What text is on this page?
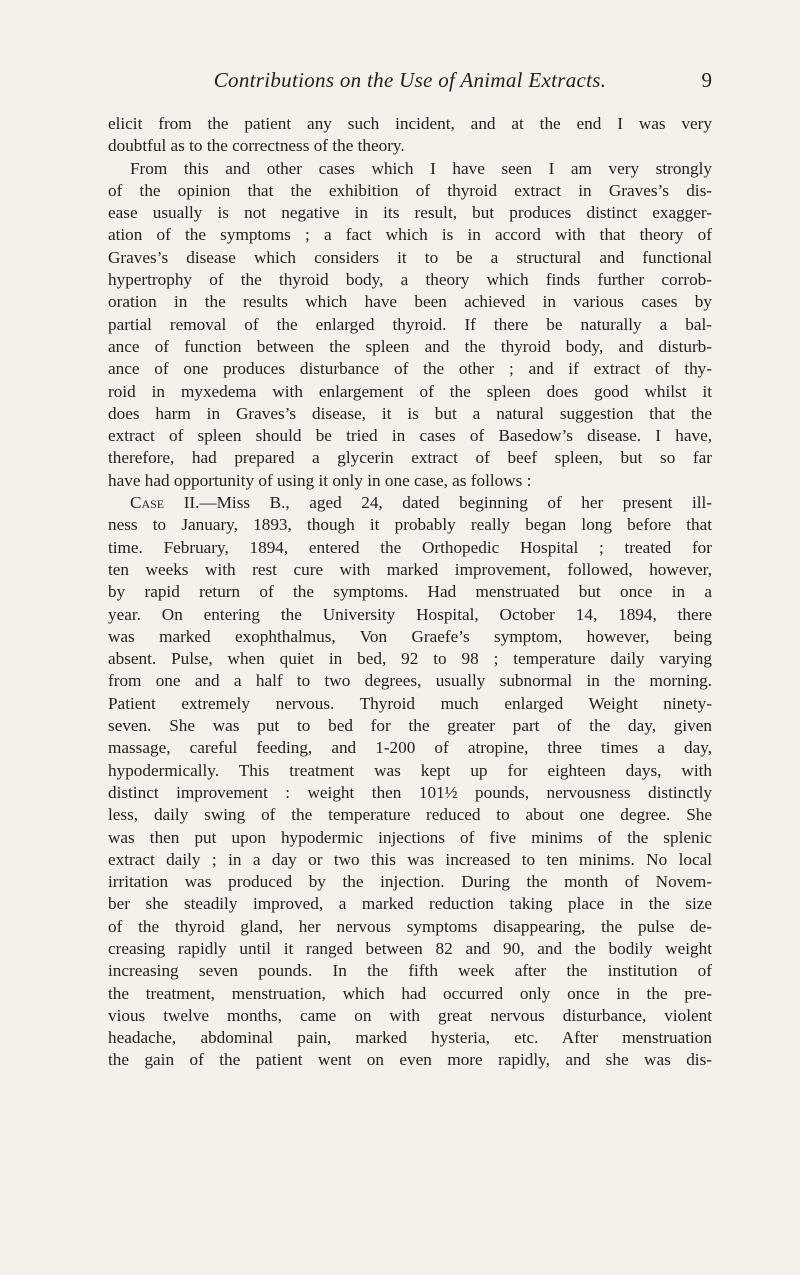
Contributions on the Use of Animal Extracts.	9
elicit from the patient any such incident, and at the end I was very
doubtful as to the correctness of the theory.
From this and other cases which I have seen I am very strongly
of the opinion that the exhibition of thyroid extract in Graves’s dis-
ease usually is not negative in its result, but produces distinct exagger-
ation of the symptoms ; a fact which is in accord with that theory of
Graves’s disease which considers it to be a structural and functional
hypertrophy of the thyroid body, a theory which finds further corrob-
oration in the results which have been achieved in various cases by
partial removal of the enlarged thyroid. If there be naturally a bal-
ance of function between the spleen and the thyroid body, and disturb-
ance of one produces disturbance of the other ; and if extract of thy-
roid in myxedema with enlargement of the spleen does good whilst it
does harm in Graves’s disease, it is but a natural suggestion that the
extract of spleen should be tried in cases of Basedow’s disease. I have,
therefore, had prepared a glycerin extract of beef spleen, but so far
have had opportunity of using it only in one case, as follows :
Case II.—Miss B., aged 24, dated beginning of her present ill-
ness to January, 1893, though it probably really began long before that
time. February, 1894, entered the Orthopedic Hospital ; treated for
ten weeks with rest cure with marked improvement, followed, however,
by rapid return of the symptoms. Had menstruated but once in a
year. On entering the University Hospital, October 14, 1894, there
was marked exophthalmus, Von Graefe’s symptom, however, being
absent. Pulse, when quiet in bed, 92 to 98 ; temperature daily varying
from one and a half to two degrees, usually subnormal in the morning.
Patient extremely nervous. Thyroid much enlarged Weight ninety-
seven. She was put to bed for the greater part of the day, given
massage, careful feeding, and 1-200 of atropine, three times a day,
hypodermically. This treatment was kept up for eighteen days, with
distinct improvement : weight then 101½ pounds, nervousness distinctly
less, daily swing of the temperature reduced to about one degree. She
was then put upon hypodermic injections of five minims of the splenic
extract daily ; in a day or two this was increased to ten minims. No local
irritation was produced by the injection. During the month of Novem-
ber she steadily improved, a marked reduction taking place in the size
of the thyroid gland, her nervous symptoms disappearing, the pulse de-
creasing rapidly until it ranged between 82 and 90, and the bodily weight
increasing seven pounds. In the fifth week after the institution of
the treatment, menstruation, which had occurred only once in the pre-
vious twelve months, came on with great nervous disturbance, violent
headache, abdominal pain, marked hysteria, etc. After menstruation
the gain of the patient went on even more rapidly, and she was dis-
